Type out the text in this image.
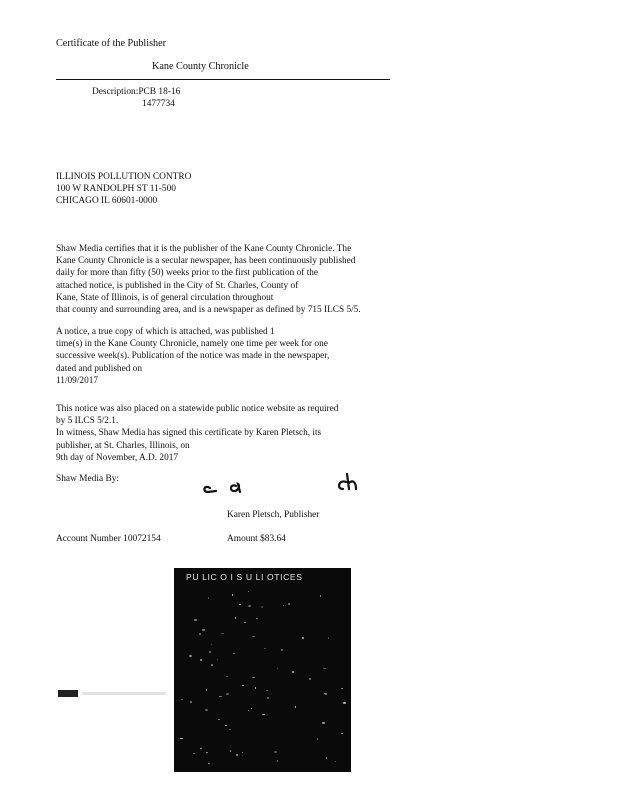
Certificate of the Publisher
Kane County Chronicle
Description:PCB 18-16
1477734
ILLINOIS POLLUTION CONTRO
100 W RANDOLPH ST 11-500
CHICAGO IL 60601-0000
Shaw Media certifies that it is the publisher of the Kane County Chronicle. The
Kane County Chronicle is a secular newspaper, has been continuously published
daily for more than fifty (50) weeks prior to the first publication of the
attached notice, is published in the City of St. Charles, County of
Kane, State of Illinois, is of general circulation throughout
that county and surrounding area, and is a newspaper as defined by 715 ILCS 5/5.
A notice, a true copy of which is attached, was published 1
time(s) in the Kane County Chronicle, namely one time per week for one
successive week(s). Publication of the notice was made in the newspaper,
dated and published on
11/09/2017
This notice was also placed on a statewide public notice website as required
by 5 ILCS 5/2.1.
In witness, Shaw Media has signed this certificate by Karen Pletsch, its
publisher, at St. Charles, Illinois, on
9th day of November, A.D. 2017
Shaw Media By:
Karen Pletsch, Publisher
Account Number 10072154	Amount $83.64
PU LIC O I S U LI OTICES
